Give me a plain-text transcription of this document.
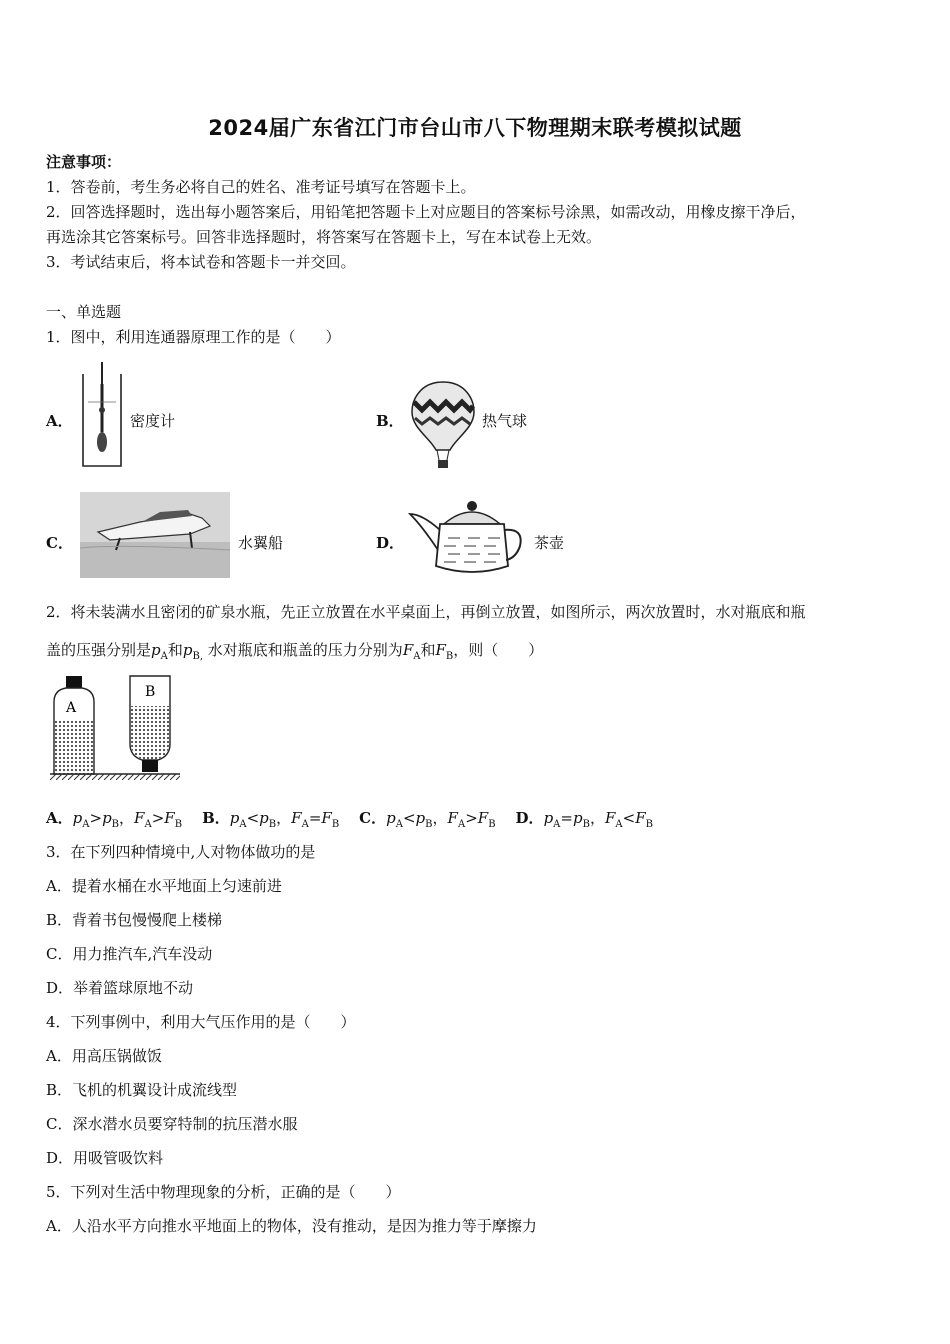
2024届广东省江门市台山市八下物理期末联考模拟试题
注意事项：
1．答卷前，考生务必将自己的姓名、准考证号填写在答题卡上。
2．回答选择题时，选出每小题答案后，用铅笔把答题卡上对应题目的答案标号涂黑，如需改动，用橡皮擦干净后，
再选涂其它答案标号。回答非选择题时，将答案写在答题卡上，写在本试卷上无效。
3．考试结束后，将本试卷和答题卡一并交回。
一、单选题
1．图中，利用连通器原理工作的是（　　）
A．	密度计	B．	热气球
C．	水翼船	D．	茶壶
2．将未装满水且密闭的矿泉水瓶，先正立放置在水平桌面上，再倒立放置，如图所示，两次放置时，水对瓶底和瓶
盖的压强分别是$p_A$和$p_{B,}$ 水对瓶底和瓶盖的压力分别为$F_A$和$F_B$，则（　　）
A
B
A．$p_A>p_B$，$F_A>F_B$ B．$p_A<p_B$，$F_A=F_B$ C．$p_A<p_B$，$F_A>F_B$ D．$p_A=p_B$，$F_A<F_B$
3．在下列四种情境中,人对物体做功的是
A．提着水桶在水平地面上匀速前进
B．背着书包慢慢爬上楼梯
C．用力推汽车,汽车没动
D．举着篮球原地不动
4．下列事例中，利用大气压作用的是（　　）
A．用高压锅做饭
B．飞机的机翼设计成流线型
C．深水潜水员要穿特制的抗压潜水服
D．用吸管吸饮料
5．下列对生活中物理现象的分析，正确的是（　　）
A．人沿水平方向推水平地面上的物体，没有推动，是因为推力等于摩擦力
